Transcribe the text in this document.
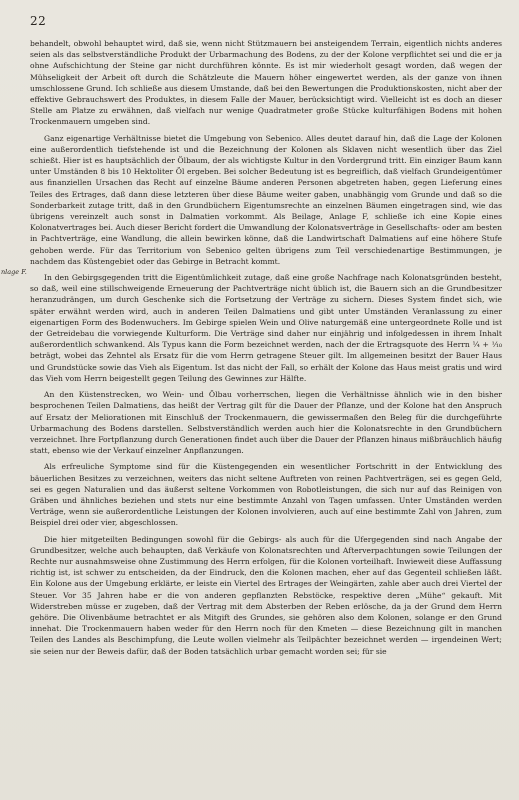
22
nlage F.

behandelt, obwohl behauptet wird, daß sie, wenn nicht Stützmauern bei ansteigendem Terrain, eigentlich nichts anderes seien als das selbstverständliche Produkt der Urbarmachung des Bodens, zu der der Kolone verpflichtet sei und die er ja ohne Aufschichtung der Steine gar nicht durchführen könnte. Es ist mir wiederholt gesagt worden, daß wegen der Mühseligkeit der Arbeit oft durch die Schätzleute die Mauern höher eingewertet werden, als der ganze von ihnen umschlossene Grund. Ich schließe aus diesem Umstande, daß bei den Bewertungen die Produktionskosten, nicht aber der effektive Gebrauchswert des Produktes, in diesem Falle der Mauer, berücksichtigt wird. Vielleicht ist es doch an dieser Stelle am Platze zu erwähnen, daß vielfach nur wenige Quadratmeter große Stücke kulturfähigen Bodens mit hohen Trockenmauern umgeben sind.

Ganz eigenartige Verhältnisse bietet die Umgebung von Sebenico. Alles deutet darauf hin, daß die Lage der Kolonen eine außerordentlich tiefstehende ist und die Bezeichnung der Kolonen als Sklaven nicht wesentlich über das Ziel schießt. Hier ist es hauptsächlich der Ölbaum, der als wichtigste Kultur in den Vordergrund tritt. Ein einziger Baum kann unter Umständen 8 bis 10 Hektoliter Öl ergeben. Bei solcher Bedeutung ist es begreiflich, daß vielfach Grundeigentümer aus finanziellen Ursachen das Recht auf einzelne Bäume anderen Personen abgetreten haben, gegen Lieferung eines Teiles des Ertrages, daß dann diese letzteren über diese Bäume weiter gaben, unabhängig vom Grunde und daß so die Sonderbarkeit zutage tritt, daß in den Grundbüchern Eigentumsrechte an einzelnen Bäumen eingetragen sind, wie das übrigens vereinzelt auch sonst in Dalmatien vorkommt. Als Beilage, Anlage F, schließe ich eine Kopie eines Kolonatvertrages bei. Auch dieser Bericht fordert die Umwandlung der Kolonatsverträge in Gesellschafts- oder am besten in Pachtverträge, eine Wandlung, die allein bewirken könne, daß die Landwirtschaft Dalmatiens auf eine höhere Stufe gehoben werde. Für das Territorium von Sebenico gelten übrigens zum Teil verschiedenartige Bestimmungen, je nachdem das Küstengebiet oder das Gebirge in Betracht kommt.

In den Gebirgsgegenden tritt die Eigentümlichkeit zutage, daß eine große Nachfrage nach Kolonatsgründen besteht, so daß, weil eine stillschweigende Erneuerung der Pachtverträge nicht üblich ist, die Bauern sich an die Grundbesitzer heranzudrängen, um durch Geschenke sich die Fortsetzung der Verträge zu sichern. Dieses System findet sich, wie später erwähnt werden wird, auch in anderen Teilen Dalmatiens und gibt unter Umständen Veranlassung zu einer eigenartigen Form des Bodenwuchers. Im Gebirge spielen Wein und Olive naturgemäß eine untergeordnete Rolle und ist der Getreidebau die vorwiegende Kulturform. Die Verträge sind daher nur einjährig und infolgedessen in ihrem Inhalt außerordentlich schwankend. Als Typus kann die Form bezeichnet werden, nach der die Ertragsquote des Herrn ¼ + ⅒ beträgt, wobei das Zehntel als Ersatz für die vom Herrn getragene Steuer gilt. Im allgemeinen besitzt der Bauer Haus und Grundstücke sowie das Vieh als Eigentum. Ist das nicht der Fall, so erhält der Kolone das Haus meist gratis und wird das Vieh vom Herrn beigestellt gegen Teilung des Gewinnes zur Hälfte.

An den Küstenstrecken, wo Wein- und Ölbau vorherrschen, liegen die Verhältnisse ähnlich wie in den bisher besprochenen Teilen Dalmatiens, das heißt der Vertrag gilt für die Dauer der Pflanze, und der Kolone hat den Anspruch auf Ersatz der Meliorationen mit Einschluß der Trockenmauern, die gewissermaßen den Beleg für die durchgeführte Urbarmachung des Bodens darstellen. Selbstverständlich werden auch hier die Kolonatsrechte in den Grundbüchern verzeichnet. Ihre Fortpflanzung durch Generationen findet auch über die Dauer der Pflanzen hinaus mißbräuchlich häufig statt, ebenso wie der Verkauf einzelner Anpflanzungen.

Als erfreuliche Symptome sind für die Küstengegenden ein wesentlicher Fortschritt in der Entwicklung des bäuerlichen Besitzes zu verzeichnen, weiters das nicht seltene Auftreten von reinen Pachtverträgen, sei es gegen Geld, sei es gegen Naturalien und das äußerst seltene Vorkommen von Robotleistungen, die sich nur auf das Reinigen von Gräben und ähnliches beziehen und stets nur eine bestimmte Anzahl von Tagen umfassen. Unter Umständen werden Verträge, wenn sie außerordentliche Leistungen der Kolonen involvieren, auch auf eine bestimmte Zahl von Jahren, zum Beispiel drei oder vier, abgeschlossen.

Die hier mitgeteilten Bedingungen sowohl für die Gebirgs- als auch für die Ufergegenden sind nach Angabe der Grundbesitzer, welche auch behaupten, daß Verkäufe von Kolonatsrechten und Afterverpachtungen sowie Teilungen der Rechte nur ausnahmsweise ohne Zustimmung des Herrn erfolgen, für die Kolonen vorteilhaft. Inwieweit diese Auffassung richtig ist, ist schwer zu entscheiden, da der Eindruck, den die Kolonen machen, eher auf das Gegenteil schließen läßt. Ein Kolone aus der Umgebung erklärte, er leiste ein Viertel des Ertrages der Weingärten, zahle aber auch drei Viertel der Steuer. Vor 35 Jahren habe er die von anderen gepflanzten Rebstöcke, respektive deren „Mühe“ gekauft. Mit Widerstreben müsse er zugeben, daß der Vertrag mit dem Absterben der Reben erlösche, da ja der Grund dem Herrn gehöre. Die Olivenbäume betrachtet er als Mitgift des Grundes, sie gehören also dem Kolonen, solange er den Grund innehat. Die Trockenmauern haben weder für den Herrn noch für den Kmeten — diese Bezeichnung gilt in manchen Teilen des Landes als Beschimpfung, die Leute wollen vielmehr als Teilpächter bezeichnet werden — irgendeinen Wert; sie seien nur der Beweis dafür, daß der Boden tatsächlich urbar gemacht worden sei; für sie
